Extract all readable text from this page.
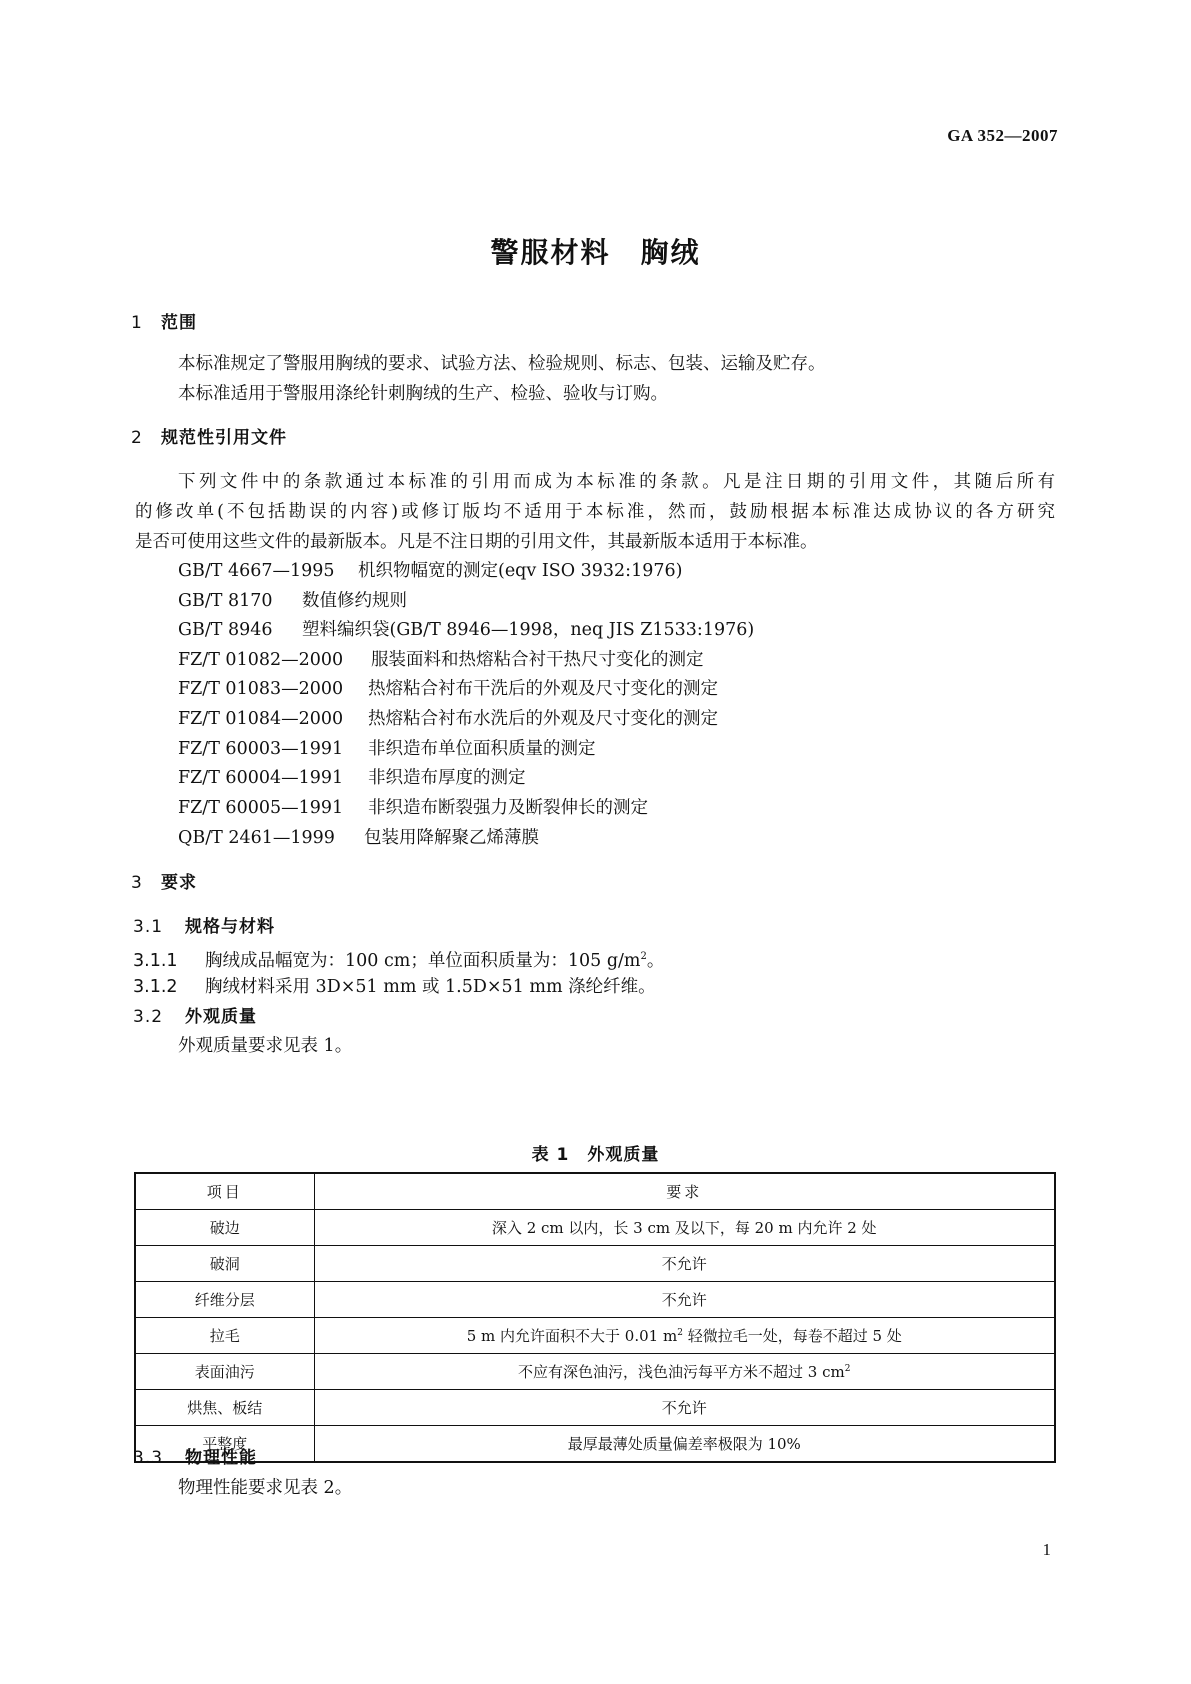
GA 352—2007
警服材料 胸绒
1 范围
本标准规定了警服用胸绒的要求、试验方法、检验规则、标志、包装、运输及贮存。
本标准适用于警服用涤纶针刺胸绒的生产、检验、验收与订购。
2 规范性引用文件
下列文件中的条款通过本标准的引用而成为本标准的条款。凡是注日期的引用文件，其随后所有
的修改单(不包括勘误的内容)或修订版均不适用于本标准，然而，鼓励根据本标准达成协议的各方研究
是否可使用这些文件的最新版本。凡是不注日期的引用文件，其最新版本适用于本标准。
GB/T 4667—1995 机织物幅宽的测定(eqv ISO 3932:1976)
GB/T 8170 数值修约规则
GB/T 8946 塑料编织袋(GB/T 8946—1998，neq JIS Z1533:1976)
FZ/T 01082—2000 服装面料和热熔粘合衬干热尺寸变化的测定
FZ/T 01083—2000 热熔粘合衬布干洗后的外观及尺寸变化的测定
FZ/T 01084—2000 热熔粘合衬布水洗后的外观及尺寸变化的测定
FZ/T 60003—1991 非织造布单位面积质量的测定
FZ/T 60004—1991 非织造布厚度的测定
FZ/T 60005—1991 非织造布断裂强力及断裂伸长的测定
QB/T 2461—1999 包装用降解聚乙烯薄膜
3 要求
3.1 规格与材料
3.1.1 胸绒成品幅宽为：100 cm；单位面积质量为：105 $g/m^2$。
3.1.2 胸绒材料采用 3D×51 mm 或 1.5D×51 mm 涤纶纤维。
3.2 外观质量
外观质量要求见表 1。
表 1 外观质量
项目	要求
破边	深入 2 cm 以内，长 3 cm 及以下，每 20 m 内允许 2 处
破洞	不允许
纤维分层	不允许
拉毛	5 m 内允许面积不大于 0.01 $m^2$ 轻微拉毛一处，每卷不超过 5 处
表面油污	不应有深色油污，浅色油污每平方米不超过 3 $cm^2$
烘焦、板结	不允许
平整度	最厚最薄处质量偏差率极限为 10%
3.3 物理性能
物理性能要求见表 2。
1
